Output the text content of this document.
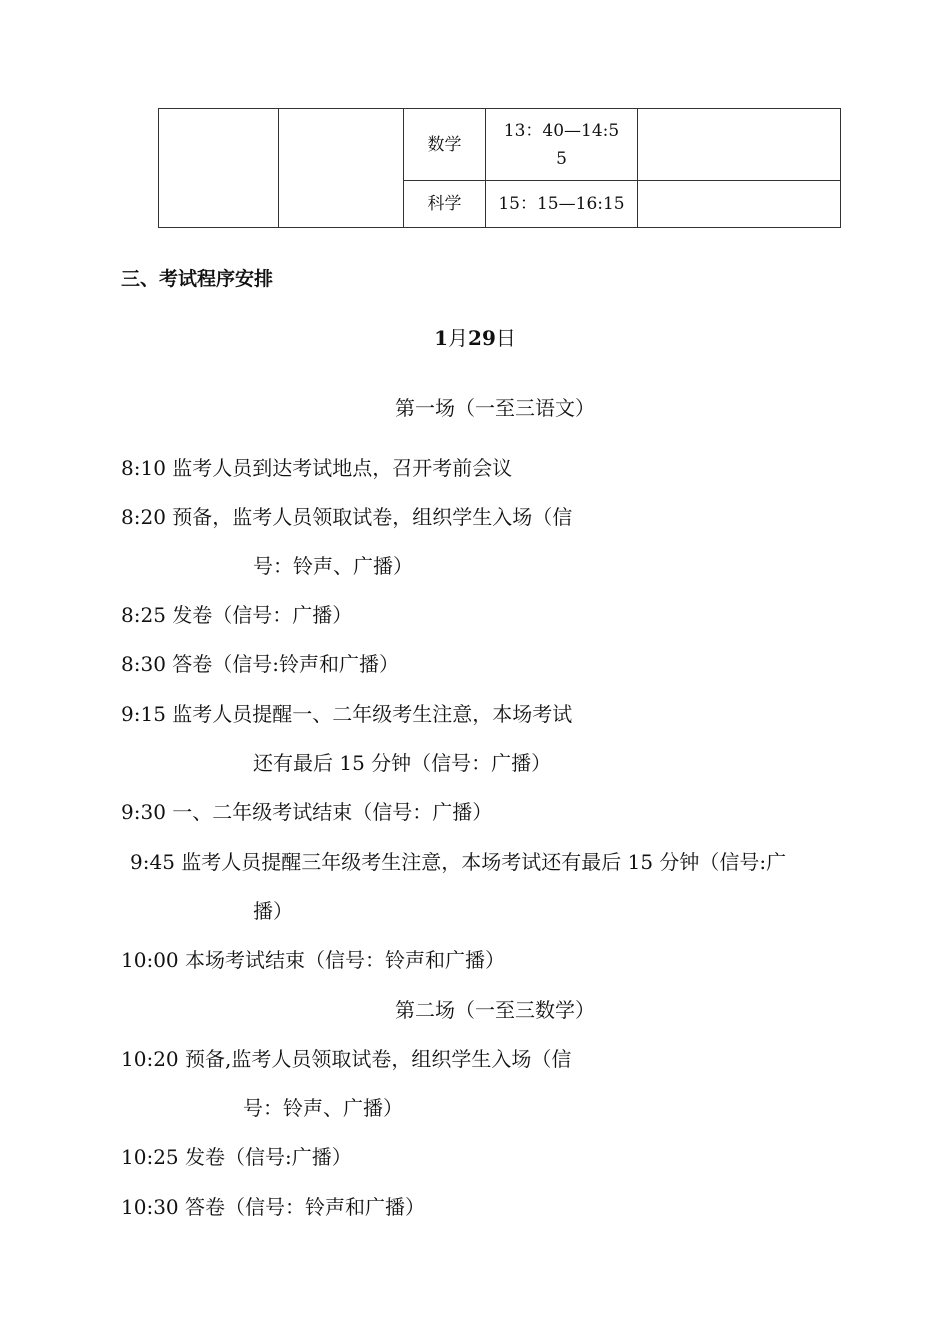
		数学	13：40—14:55	
		科学	15：15—16:15	

三、考试程序安排

1月29日

第一场（一至三语文）

8:10 监考人员到达考试地点，召开考前会议

8:20 预备，监考人员领取试卷，组织学生入场（信

号：铃声、广播）

8:25 发卷（信号：广播）

8:30 答卷（信号:铃声和广播）

9:15 监考人员提醒一、二年级考生注意，本场考试

还有最后 15 分钟（信号：广播）

9:30 一、二年级考试结束（信号：广播）

9:45 监考人员提醒三年级考生注意，本场考试还有最后 15 分钟（信号:广

播）

10:00 本场考试结束（信号：铃声和广播）

第二场（一至三数学）

10:20 预备,监考人员领取试卷，组织学生入场（信

号：铃声、广播）

10:25 发卷（信号:广播）

10:30 答卷（信号：铃声和广播）
